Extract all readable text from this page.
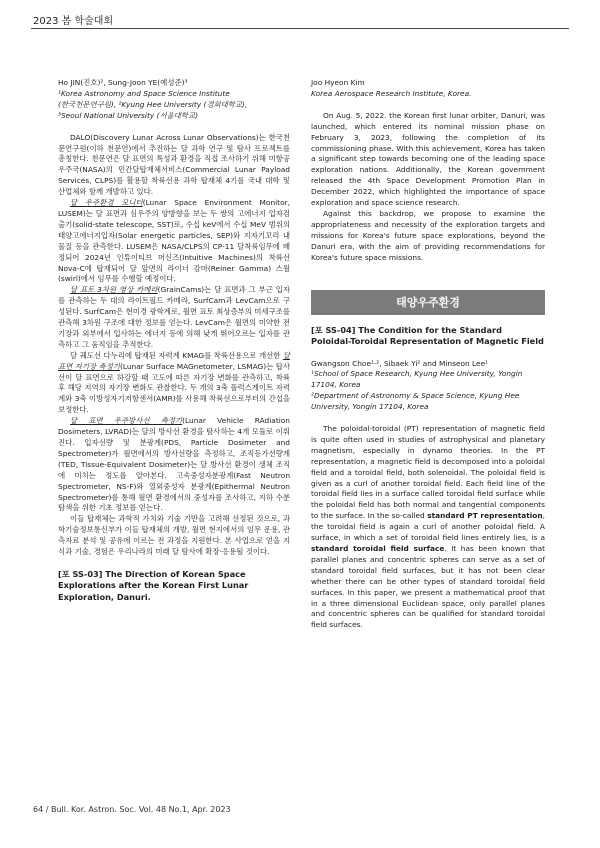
2023 봄 학술대회

Ho JIN(진호)², Sung-Joon YE(예성준)³

¹Korea Astronomy and Space Science Institute

(한국천문연구원), ²Kyung Hee University (경희대학교),

³Seoul National University (서울대학교)

DALO(Discovery Lunar Across Lunar Observations)는 한국천문연구원(이하 천문연)에서 추진하는 달 과학 연구 및 탐사 프로젝트를 총칭한다. 천문연은 달 표면의 특성과 환경을 직접 조사하기 위해 미항공우주국(NASA)의 민간달탑재체서비스(Commercial Lunar Payload Services, CLPS)를 활용할 착륙선용 과학 탑재체 4기를 국내 대학 및 산업체와 함께 개발하고 있다.

달 우주환경 모니터(Lunar Space Environment Monitor, LUSEM)는 달 표면과 심우주의 양방향을 보는 두 쌍의 고에너지 입자검출기(solid-state telescope, SST)로, 수십 keV에서 수십 MeV 범위의 태양고에너지입자(Solar energetic particles, SEP)와 지자기꼬리 내 물질 등을 관측한다. LUSEM은 NASA/CLPS의 CP-11 달착륙임무에 배정되어 2024년 인튜이티브 머신즈(Intuitive Machines)의 착륙선 Nova-C에 탑재되어 달 앞면의 라이너 감마(Reiner Gamma) 스월(swirl)에서 임무를 수행할 예정이다.

달 표토 3차원 영상 카메라(GrainCams)는 달 표면과 그 부근 입자를 관측하는 두 대의 라이트필드 카메라, SurfCam과 LevCam으로 구성된다. SurfCam은 현미경 광학계로, 월면 표토 최상층부의 미세구조를 관측해 3차원 구조에 대한 정보를 얻는다. LevCam은 월면의 미약한 전기장과 외부에서 입사하는 에너지 등에 의해 낮게 뛰어오르는 입자를 관측하고 그 움직임을 추적한다.

달 궤도선 다누리에 탑재된 자력계 KMAG를 착륙선용으로 개선한 달 표면 자기장 측정기(Lunar Surface MAGnetometer, LSMAG)는 탑사선이 달 표면으로 하강할 때 고도에 따른 자기장 변화를 관측하고, 착륙 후 해당 지역의 자기장 변화도 관찰한다. 두 개의 3축 플럭스게이트 자력계와 3축 이방성자기저항센서(AMR)를 사용해 착륙선으로부터의 간섭을 보정한다.

달 표면 우주방사선 측정기(Lunar Vehicle RAdiation Dosimeters, LVRAD)는 달의 방사선 환경을 탐사하는 4개 모듈로 이뤄진다. 입자선량 및 분광계(PDS, Particle Dosimeter and Spectrometer)가 월면에서의 방사선량을 측정하고, 조직등가선량계(TED, Tissue-Equivalent Dosimeter)는 달 방사선 환경이 생체 조직에 미치는 정도를 알아본다. 고속중성자분광계(Fast Neutron Spectrometer, NS-F)와 열외중성자 분광계(Epithermal Neutron Spectrometer)를 통해 월면 환경에서의 중성자를 조사하고, 지하 수분 탐색을 위한 기초 정보를 얻는다.

이들 탑재체는 과학적 가치와 기술 기반을 고려해 선정된 것으로, 과학기술정보통신부가 이들 탑재체의 개발, 월면 현지에서의 임무 운용, 관측자료 분석 및 공유에 이르는 전 과정을 지원한다. 본 사업으로 얻을 지식과 기술, 경험은 우리나라의 미래 달 탐사에 확장·응용될 것이다.

[포 SS-03] The Direction of Korean Space Explorations after the Korean First Lunar Exploration, Danuri.

Joo Hyeon Kim

Korea Aerospace Research Institute, Korea.

On Aug. 5, 2022. the Korean first lunar orbiter, Danuri, was launched, which entered its nominal mission phase on February 3, 2023, following the completion of its commissioning phase. With this achievement, Korea has taken a significant step towards becoming one of the leading space exploration nations. Additionally, the Korean government released the 4th Space Development Promotion Plan in December 2022, which highlighted the importance of space exploration and space science research.

Against this backdrop, we propose to examine the appropriateness and necessity of the exploration targets and missions for Korea's future space explorations, beyond the Danuri era, with the aim of providing recommendations for Korea's future space missions.

태양우주환경

[포 SS-04] The Condition for the Standard Poloidal-Toroidal Representation of Magnetic Field

Gwangson Choe¹·², Sibaek Yi² and Minseon Lee¹

¹School of Space Research, Kyung Hee University, Yongin 17104, Korea

²Department of Astronomy & Space Science, Kyung Hee University, Yongin 17104, Korea

The poloidal-toroidal (PT) representation of magnetic field is quite often used in studies of astrophysical and planetary magnetism, especially in dynamo theories. In the PT representation, a magnetic field is decomposed into a poloidal field and a toroidal field, both solenoidal. The poloidal field is given as a curl of another toroidal field. Each field line of the toroidal field lies in a surface called toroidal field surface while the poloidal field has both normal and tangential components to the surface. In the so-called standard PT representation, the toroidal field is again a curl of another poloidal field. A surface, in which a set of toroidal field lines entirely lies, is a standard toroidal field surface. It has been known that parallel planes and concentric spheres can serve as a set of standard toroidal field surfaces, but it has not been clear whether there can be other types of standard toroidal field surfaces. In this paper, we present a mathematical proof that in a three dimensional Euclidean space, only parallel planes and concentric spheres can be qualified for standard toroidal field surfaces.

64 / Bull. Kor. Astron. Soc. Vol. 48 No.1, Apr. 2023
